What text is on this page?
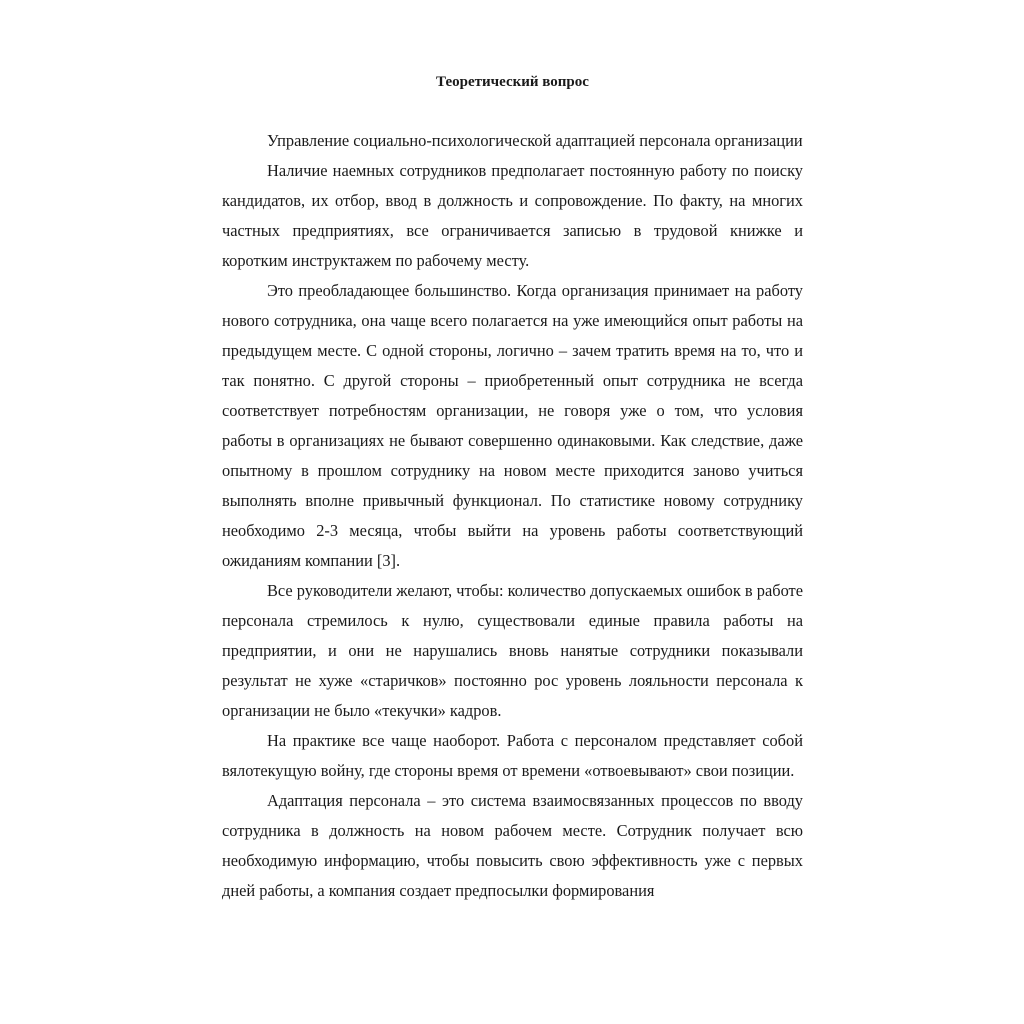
Теоретический вопрос

Управление социально-психологической адаптацией персонала организации

Наличие наемных сотрудников предполагает постоянную работу по поиску кандидатов, их отбор, ввод в должность и сопровождение. По факту, на многих частных предприятиях, все ограничивается записью в трудовой книжке и коротким инструктажем по рабочему месту.

Это преобладающее большинство. Когда организация принимает на работу нового сотрудника, она чаще всего полагается на уже имеющийся опыт работы на предыдущем месте. С одной стороны, логично – зачем тратить время на то, что и так понятно. С другой стороны – приобретенный опыт сотрудника не всегда соответствует потребностям организации, не говоря уже о том, что условия работы в организациях не бывают совершенно одинаковыми. Как следствие, даже опытному в прошлом сотруднику на новом месте приходится заново учиться выполнять вполне привычный функционал. По статистике новому сотруднику необходимо 2-3 месяца, чтобы выйти на уровень работы соответствующий ожиданиям компании [3].

Все руководители желают, чтобы: количество допускаемых ошибок в работе персонала стремилось к нулю, существовали единые правила работы на предприятии, и они не нарушались вновь нанятые сотрудники показывали результат не хуже «старичков» постоянно рос уровень лояльности персонала к организации не было «текучки» кадров.

На практике все чаще наоборот. Работа с персоналом представляет собой вялотекущую войну, где стороны время от времени «отвоевывают» свои позиции.

Адаптация персонала – это система взаимосвязанных процессов по вводу сотрудника в должность на новом рабочем месте. Сотрудник получает всю необходимую информацию, чтобы повысить свою эффективность уже с первых дней работы, а компания создает предпосылки формирования
